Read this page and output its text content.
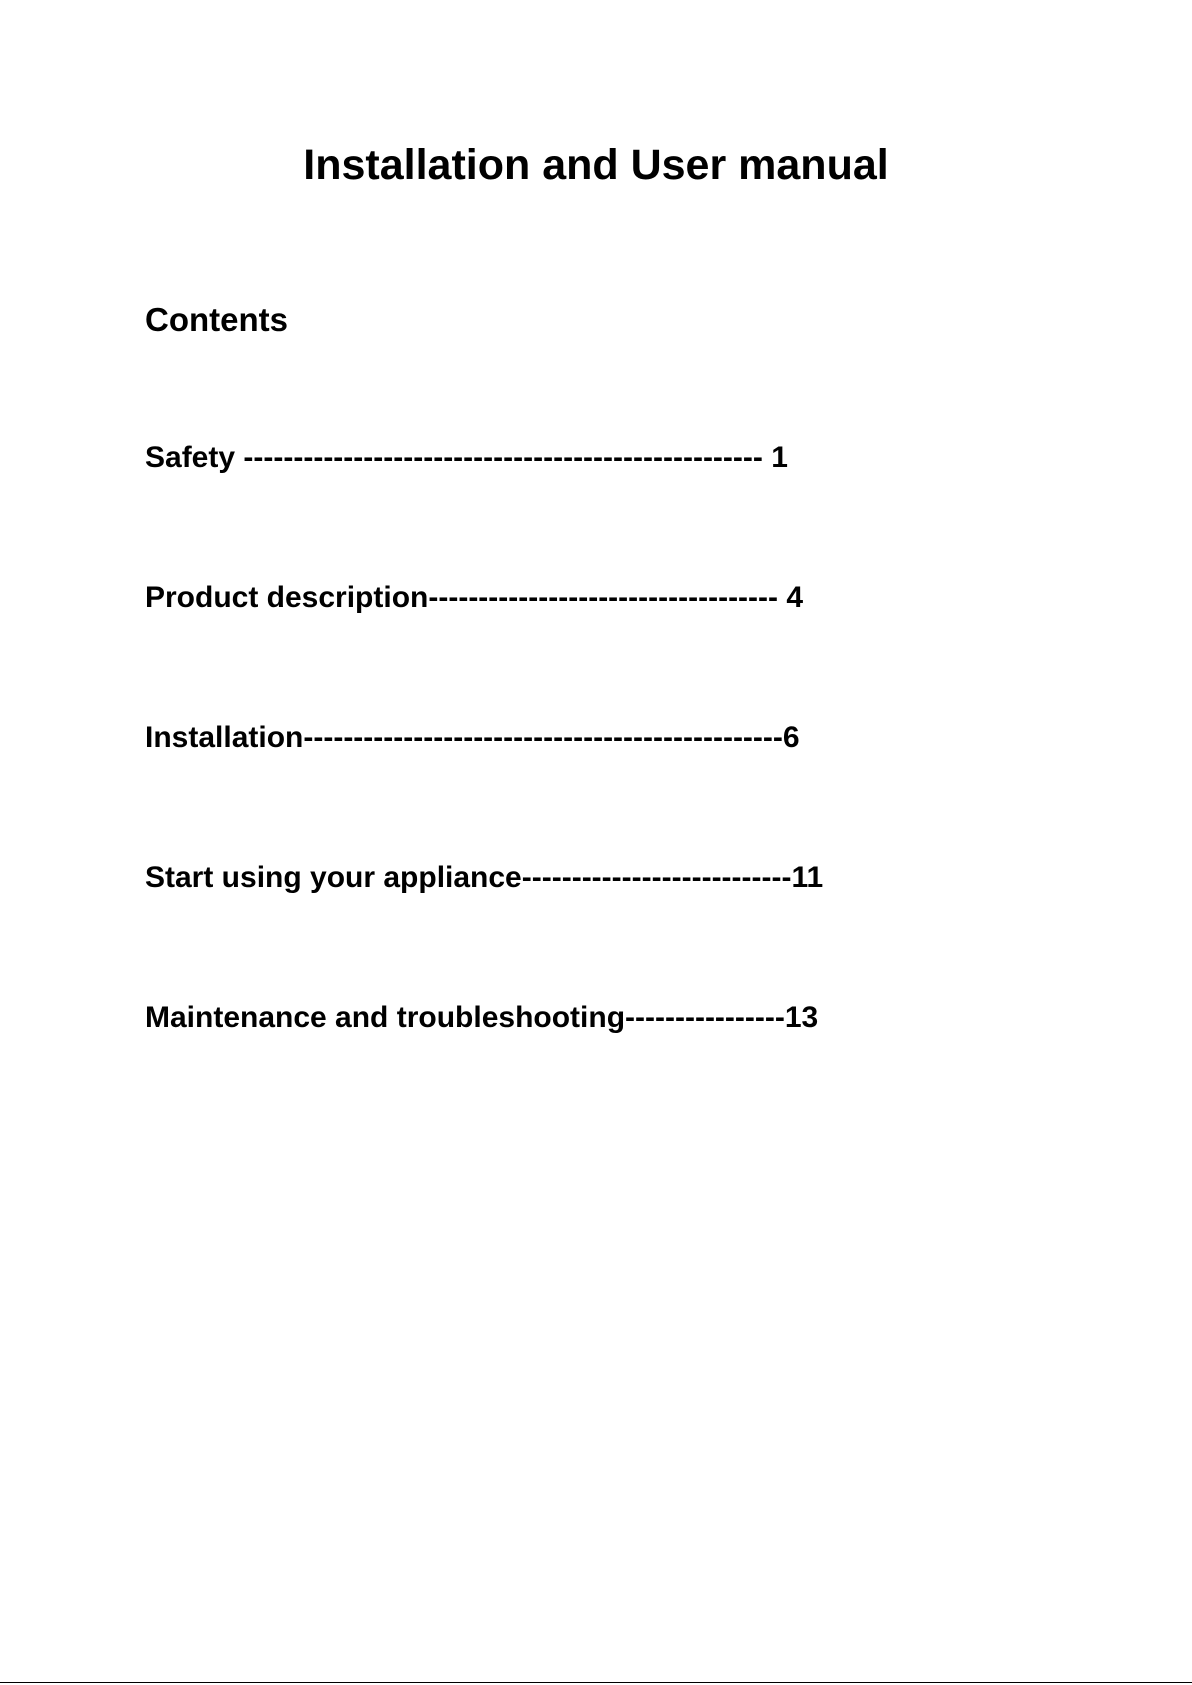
Installation and User manual
Contents
Safety ---------------------------------------------------- 1
Product description----------------------------------- 4
Installation------------------------------------------------6
Start using your appliance---------------------------11
Maintenance and troubleshooting----------------13
